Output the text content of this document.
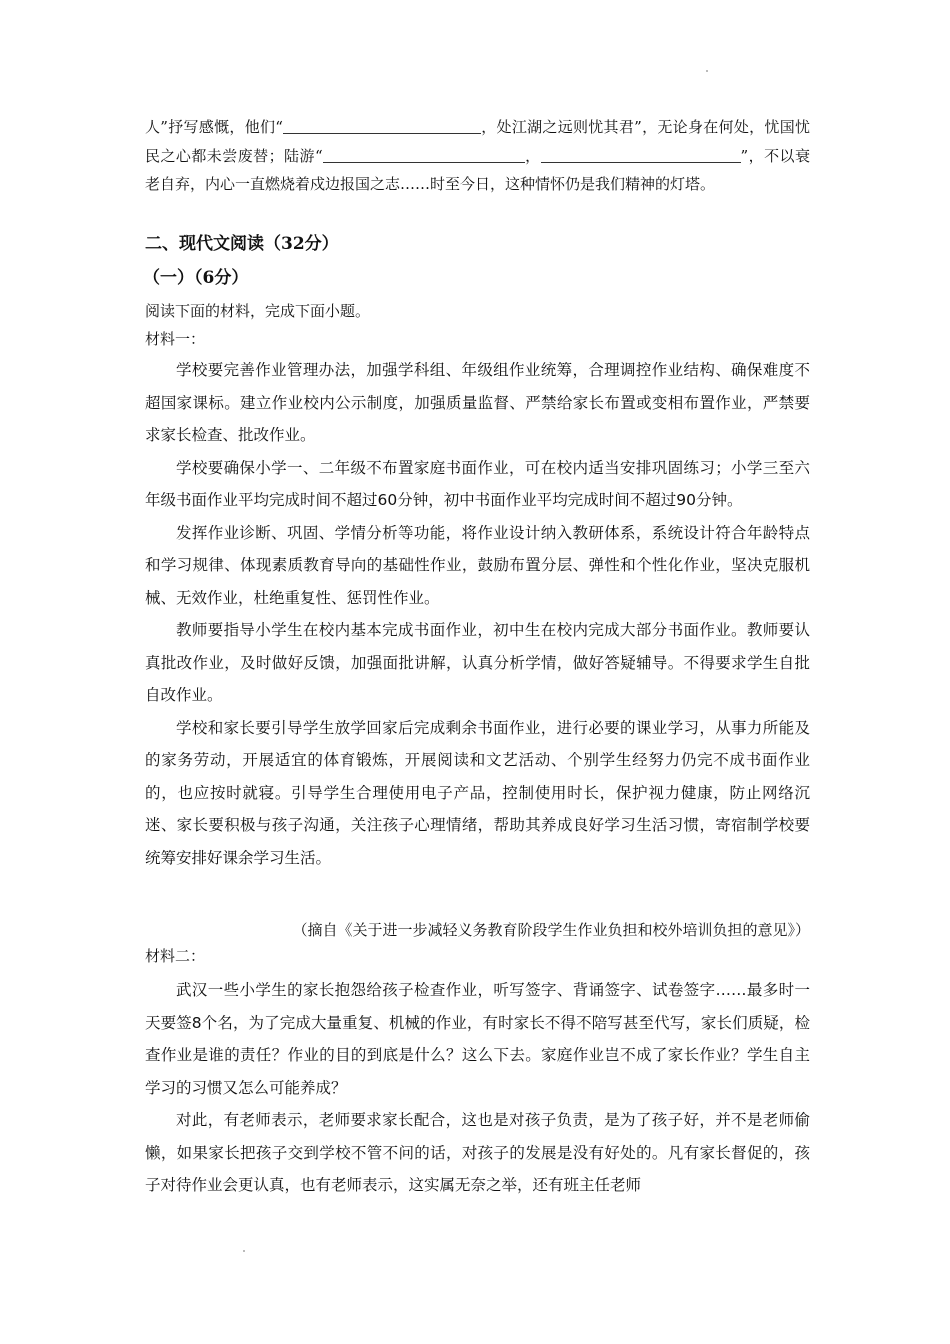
人”抒写感慨，他们“	，处江湖之远则忧其君”，无论身在何处，忧国忧民之心都未尝废替；陆游“	，	”，不以衰老自弃，内心一直燃烧着戍边报国之志……时至今日，这种情怀仍是我们精神的灯塔。
二、现代文阅读（32分）
（一）（6分）
阅读下面的材料，完成下面小题。
材料一：

学校要完善作业管理办法，加强学科组、年级组作业统筹，合理调控作业结构、确保难度不超国家课标。建立作业校内公示制度，加强质量监督、严禁给家长布置或变相布置作业，严禁要求家长检查、批改作业。

学校要确保小学一、二年级不布置家庭书面作业，可在校内适当安排巩固练习；小学三至六年级书面作业平均完成时间不超过60分钟，初中书面作业平均完成时间不超过90分钟。

发挥作业诊断、巩固、学情分析等功能，将作业设计纳入教研体系，系统设计符合年龄特点和学习规律、体现素质教育导向的基础性作业，鼓励布置分层、弹性和个性化作业，坚决克服机械、无效作业，杜绝重复性、惩罚性作业。

教师要指导小学生在校内基本完成书面作业，初中生在校内完成大部分书面作业。教师要认真批改作业，及时做好反馈，加强面批讲解，认真分析学情，做好答疑辅导。不得要求学生自批自改作业。

学校和家长要引导学生放学回家后完成剩余书面作业，进行必要的课业学习，从事力所能及的家务劳动，开展适宜的体育锻炼，开展阅读和文艺活动、个别学生经努力仍完不成书面作业的，也应按时就寝。引导学生合理使用电子产品，控制使用时长，保护视力健康，防止网络沉迷、家长要积极与孩子沟通，关注孩子心理情绪，帮助其养成良好学习生活习惯，寄宿制学校要统筹安排好课余学习生活。

（摘自《关于进一步减轻义务教育阶段学生作业负担和校外培训负担的意见》）
材料二：

武汉一些小学生的家长抱怨给孩子检查作业，听写签字、背诵签字、试卷签字……最多时一天要签8个名，为了完成大量重复、机械的作业，有时家长不得不陪写甚至代写，家长们质疑，检查作业是谁的责任？作业的目的到底是什么？这么下去。家庭作业岂不成了家长作业？学生自主学习的习惯又怎么可能养成？

对此，有老师表示，老师要求家长配合，这也是对孩子负责，是为了孩子好，并不是老师偷懒，如果家长把孩子交到学校不管不问的话，对孩子的发展是没有好处的。凡有家长督促的，孩子对待作业会更认真，也有老师表示，这实属无奈之举，还有班主任老师
